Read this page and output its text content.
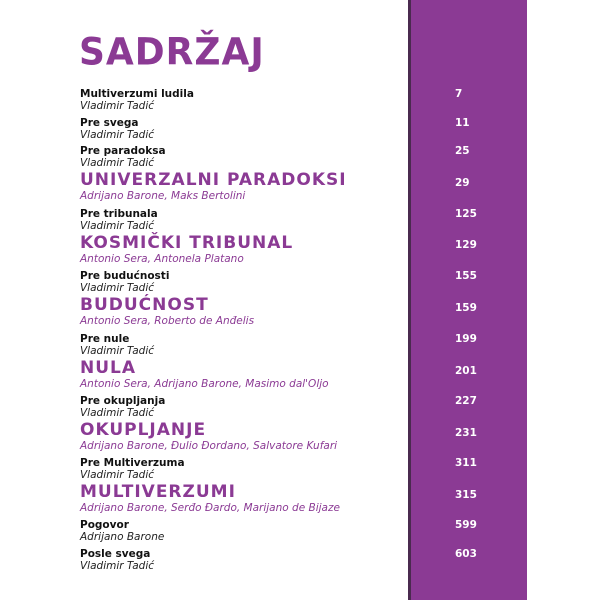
SADRŽAJ
Multiverzumi ludila
Vladimir Tadić
7
Pre svega
Vladimir Tadić
11
Pre paradoksa
Vladimir Tadić
25
UNIVERZALNI PARADOKSI
Adrijano Barone, Maks Bertolini
29
Pre tribunala
Vladimir Tadić
125
KOSMIČKI TRIBUNAL
Antonio Sera, Antonela Platano
129
Pre budućnosti
Vladimir Tadić
155
BUDUĆNOST
Antonio Sera, Roberto de Anđelis
159
Pre nule
Vladimir Tadić
199
NULA
Antonio Sera, Adrijano Barone, Masimo dal'Oljo
201
Pre okupljanja
Vladimir Tadić
227
OKUPLJANJE
Adrijano Barone, Đulio Đordano, Salvatore Kufari
231
Pre Multiverzuma
Vladimir Tadić
311
MULTIVERZUMI
Adrijano Barone, Serđo Đardo, Marijano de Bijaze
315
Pogovor
Adrijano Barone
599
Posle svega
Vladimir Tadić
603
